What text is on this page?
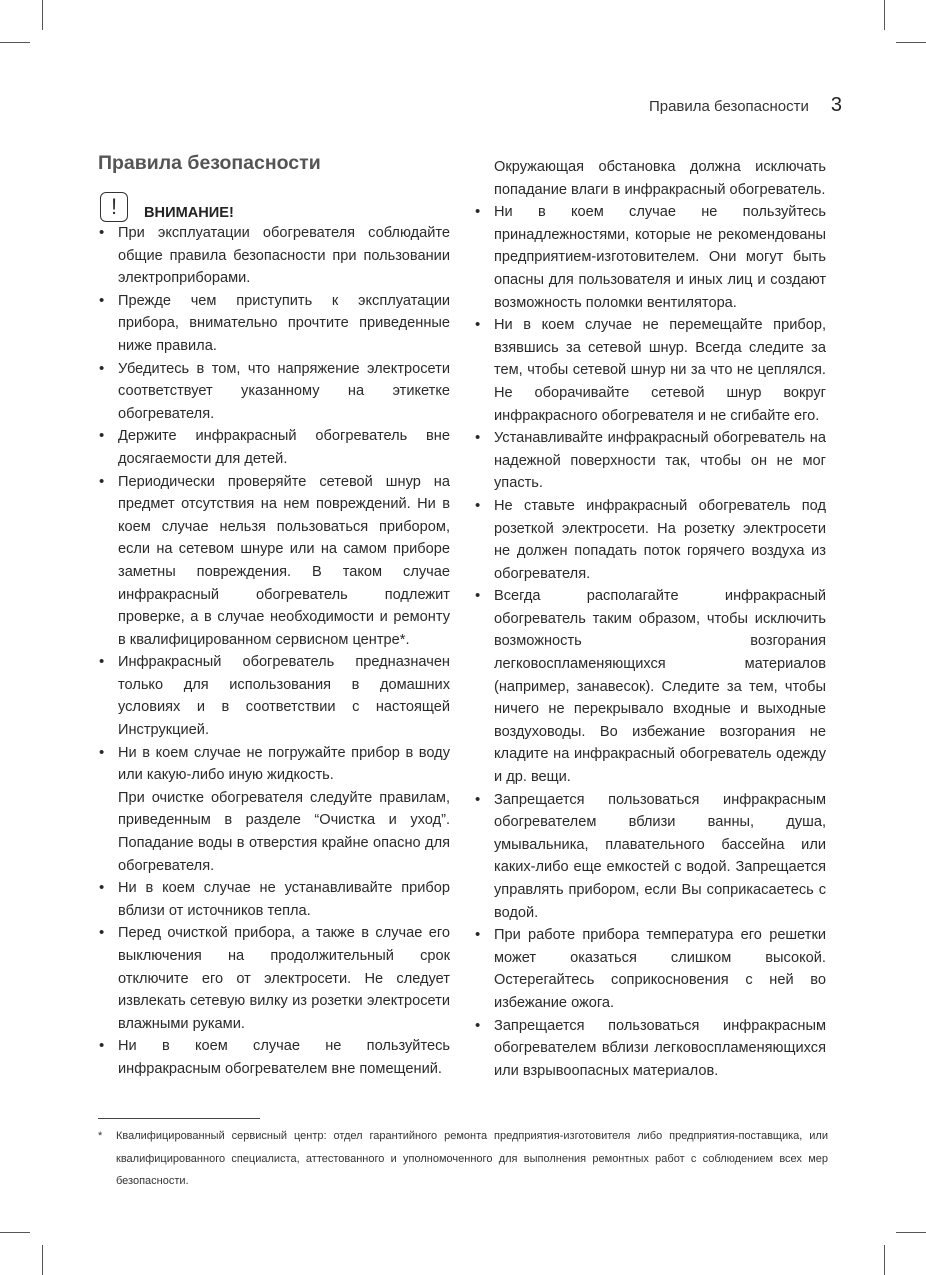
Правила безопасности 3
Правила безопасности
!	ВНИМАНИЕ!
• При эксплуатации обогревателя соблюдайте общие правила безопасности при пользовании электроприборами.
• Прежде чем приступить к эксплуатации прибора, внимательно прочтите приведенные ниже правила.
• Убедитесь в том, что напряжение электросети соответствует указанному на этикетке обогревателя.
• Держите инфракрасный обогреватель вне досягаемости для детей.
• Периодически проверяйте сетевой шнур на предмет отсутствия на нем повреждений. Ни в коем случае нельзя пользоваться прибором, если на сетевом шнуре или на самом приборе заметны повреждения. В таком случае инфракрасный обогреватель подлежит проверке, а в случае необходимости и ремонту в квалифицированном сервисном центре*.
• Инфракрасный обогреватель предназначен только для использования в домашних условиях и в соответствии с настоящей Инструкцией.
• Ни в коем случае не погружайте прибор в воду или какую-либо иную жидкость.

При очистке обогревателя следуйте правилам, приведенным в разделе “Очистка и уход”. Попадание воды в отверстия крайне опасно для обогревателя.

• Ни в коем случае не устанавливайте прибор вблизи от источников тепла.
• Перед очисткой прибора, а также в случае его выключения на продолжительный срок отключите его от электросети. Не следует извлекать сетевую вилку из розетки электросети влажными руками.
• Ни в коем случае не пользуйтесь инфракрасным обогревателем вне помещений.

Окружающая обстановка должна исключать попадание влаги в инфракрасный обогреватель.

• Ни в коем случае не пользуйтесь принадлежностями, которые не рекомендованы предприятием-изготовителем. Они могут быть опасны для пользователя и иных лиц и создают возможность поломки вентилятора.
• Ни в коем случае не перемещайте прибор, взявшись за сетевой шнур. Всегда следите за тем, чтобы сетевой шнур ни за что не цеплялся. Не оборачивайте сетевой шнур вокруг инфракрасного обогревателя и не сгибайте его.
• Устанавливайте инфракрасный обогреватель на надежной поверхности так, чтобы он не мог упасть.
• Не ставьте инфракрасный обогреватель под розеткой электросети. На розетку электросети не должен попадать поток горячего воздуха из обогревателя.
• Всегда располагайте инфракрасный обогреватель таким образом, чтобы исключить возможность возгорания легковоспламеняющихся материалов (например, занавесок). Следите за тем, чтобы ничего не перекрывало входные и выходные воздуховоды. Во избежание возгорания не кладите на инфракрасный обогреватель одежду и др. вещи.
• Запрещается пользоваться инфракрасным обогревателем вблизи ванны, душа, умывальника, плавательного бассейна или каких-либо еще емкостей с водой. Запрещается управлять прибором, если Вы соприкасаетесь с водой.
• При работе прибора температура его решетки может оказаться слишком высокой. Остерегайтесь соприкосновения с ней во избежание ожога.
• Запрещается пользоваться инфракрасным обогревателем вблизи легковоспламеняющихся или взрывоопасных материалов.
*	Квалифицированный сервисный центр: отдел гарантийного ремонта предприятия-изготовителя либо предприятия-поставщика, или квалифицированного специалиста, аттестованного и уполномоченного для выполнения ремонтных работ с соблюдением всех мер безопасности.
